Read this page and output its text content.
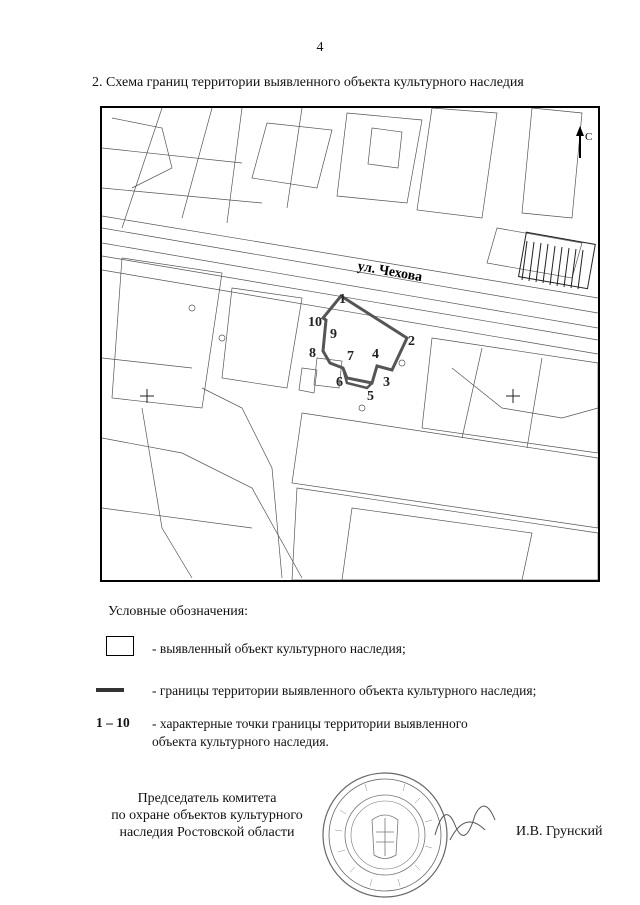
4
2. Схема границ территории выявленного объекта культурного наследия
С
ул. Чехова
1
2
3
4
5
6
7
8
9
10
Условные обозначения:
- выявленный объект культурного наследия;
- границы территории выявленного объекта культурного наследия;
1 – 10 - характерные точки границы территории выявленного
объекта культурного наследия.
Председатель комитета
по охране объектов культурного
наследия Ростовской области	И.В. Грунский
